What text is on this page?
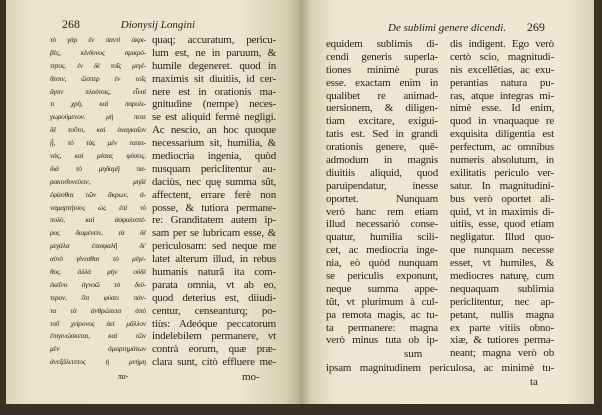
268	Dionysij Longini
τὸ γὰρ ἐν παντὶ ἀκρι-
βὲς, κίνδυνος σμικρό-
τητος. ἐν δὲ τοῖς μεγέ-
θεσιν, ὥσπερ ἐν τοῖς
ἄγαν πλούτοις, εἶναί
τι χρὴ, καὶ παρολι-
γωρούμενον. μή ποτε
δὲ τοῦτο, καὶ ἀναγκαῖον
ᾖ, τὸ τὰς μὲν ταπει-
νὰς, καὶ μέσας φύσεις,
διὰ τὸ μηδαμῆ πα-
ρακινδυνεύειν, μηδὲ
ἐφίεσθαι τῶν ἄκρων, ἀ-
ναμαρτήτους ὡς ἐπὶ τὸ
πολὺ, καὶ ἀσφαλεστέ-
ρας διαμένειν, τὰ δὲ
μεγάλα ἐπισφαλῆ δι'
αὐτὸ γίνεσθαι τὸ μέγε-
θος. ἀλλὰ μὴν οὐδὲ
ἐκεῖνο ἀγνοῶ τὸ δεύ-
τερον, ὅτι φύσει πάν-
τα τὰ ἀνθρώπεια ἀπὸ
τοῦ χείρονος ἀεὶ μᾶλλον
ἐπιγινώσκεται, καὶ τῶν
μὲν ἁμαρτημάτων
ἀνεξάλειπτος ἡ μνήμη
πα-
quaq; accuratum, pericu-
lum est, ne in paruum, &
humile degeneret. quod in
maximis sit diuitiis, id cer-
nere est in orationis ma-
gnitudine (nempe) neces-
se est aliquid fermè negligi.
Ac nescio, an hoc quoque
necessarium sit, humilia, &
mediocria ingenia, quòd
nusquam periclitentur au-
daciùs, nec quę summa sũt,
affectent, errare ferè non
posse, & tutiora permane-
re: Granditatem autem ip-
sam per se lubricam esse, &
periculosam: sed neque me
latet alterum illud, in rebus
humanis naturâ ita com-
parata omnia, vt ab eo,
quod deterius est, diiudi-
centur, censeanturq; po-
tiùs: Adeóque peccatorum
indelebilem permanere, vt
contrà eorum, quæ præ-
clara sunt, citò effluere me-
mo-
De sublimi genere dicendi. 269
equidem sublimis di-
cendi generis superla-
tiones minimè puras
esse. exactam enim in
qualibet re animad-
uersionem, & diligen-
tiam excitare, exigui-
tatis est. Sed in grandi
orationis genere, quē-
admodum in magnis
diuitiis aliquid, quod
paruipendatur, inesse
oportet. Nunquam
verò hanc rem etiam
illud necessariò conse-
quatur, humilia scili-
cet, ac mediocria inge-
nia, eò quòd nunquam
se periculis exponunt,
neque summa appe-
tũt, vt plurimum à cul-
pa remota magis, ac tu-
ta permanere: magna
verò minus tuta ob ip-
sum
dis indigent. Ego verò
certò scio, magnitudi-
nis excellẽtias, ac exu-
perantias natura pu-
ras, atque integras mi-
nimè esse. Id enim,
quod in vnaquaque re
exquisita diligentia est
perfectum, ac omnibus
numeris absolutum, in
exilitatis periculo ver-
satur. In magnitudini-
bus verò oportet ali-
quid, vt in maximis di-
uitiis, esse, quod etiam
negligatur. Illud quo-
que nunquam necesse
esset, vt humiles, &
mediocres naturę, cum
nequaquam sublimia
periclitentur, nec ap-
petant, nullis magna
ex parte vitiis obno-
xiæ, & tutiores perma-
neant; magna verò ob
ipsam magnitudinem periculosa, ac minimè tu-
ta
